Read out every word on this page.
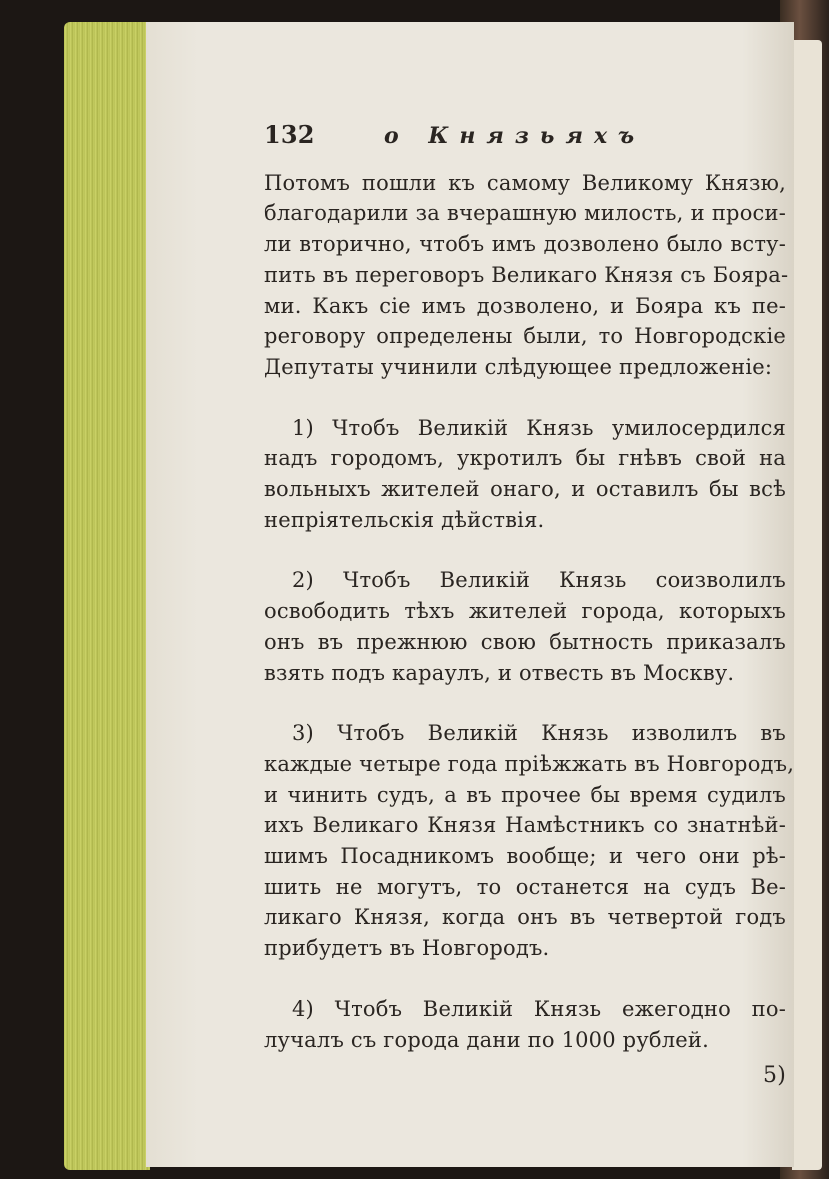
132	о Князьяхъ
Потомъ пошли къ самому Великому Князю,
благодарили за вчерашную милость, и проси-
ли вторично, чтобъ имъ дозволено было всту-
пить въ переговоръ Великаго Князя съ Бояра-
ми. Какъ сіе имъ дозволено, и Бояра къ пе-
реговору определены были, то Новгородскіе
Депутаты учинили слѣдующее предложеніе:
1) Чтобъ Великій Князь умилосердился
надъ городомъ, укротилъ бы гнѣвъ свой на
вольныхъ жителей онаго, и оставилъ бы всѣ
непріятельскія дѣйствія.
2) Чтобъ Великій Князь соизволилъ
освободить тѣхъ жителей города, которыхъ
онъ въ прежнюю свою бытность приказалъ
взять подъ караулъ, и отвесть въ Москву.
3) Чтобъ Великій Князь изволилъ въ
каждые четыре года пріѣжжать въ Новгородъ,
и чинить судъ, а въ прочее бы время судилъ
ихъ Великаго Князя Намѣстникъ со знатнѣй-
шимъ Посадникомъ вообще; и чего они рѣ-
шить не могутъ, то останется на судъ Ве-
ликаго Князя, когда онъ въ четвертой годъ
прибудетъ въ Новгородъ.
4) Чтобъ Великій Князь ежегодно по-
лучалъ съ города дани по 1000 рублей.
5)
